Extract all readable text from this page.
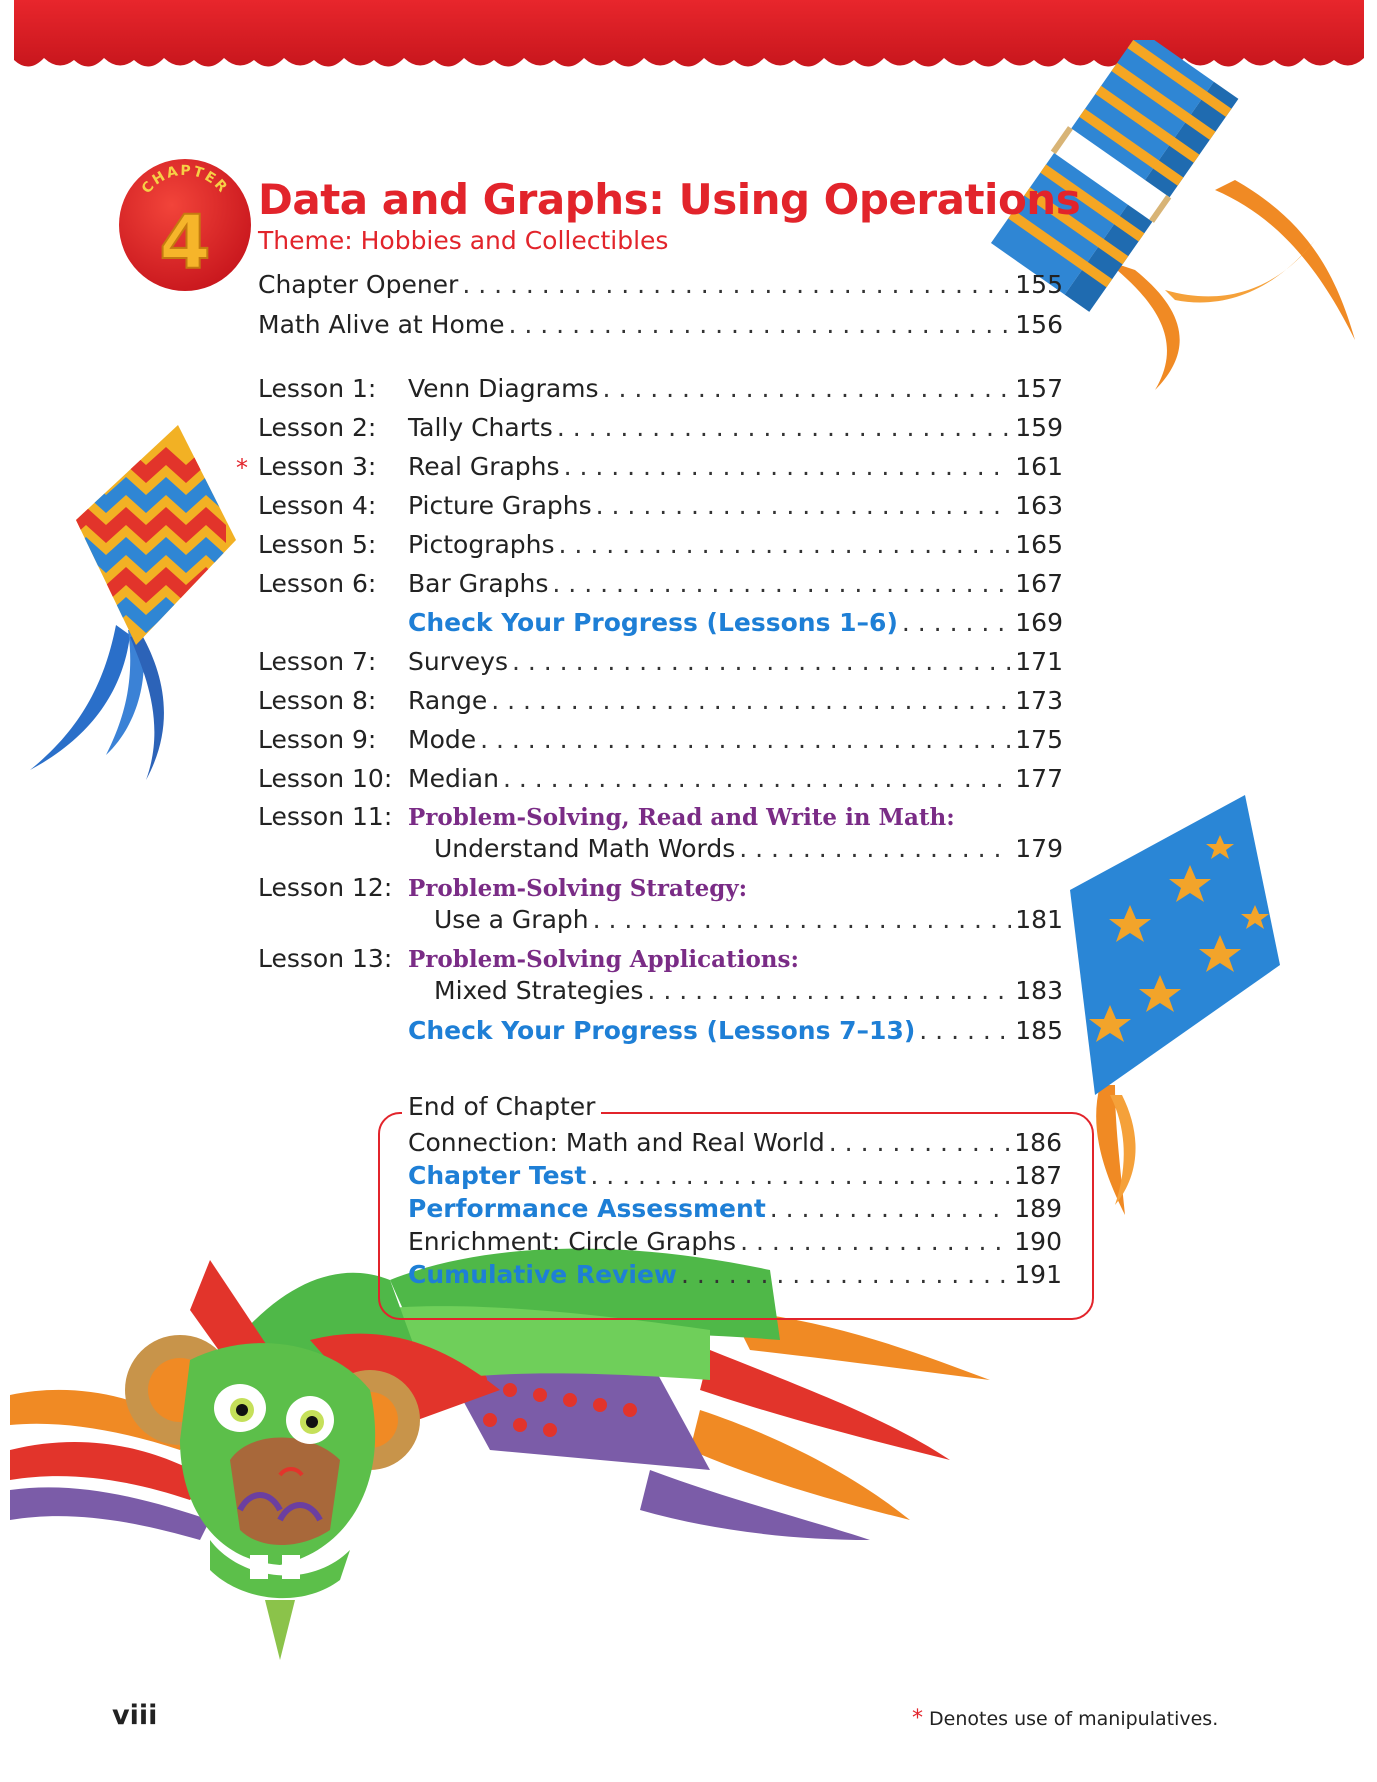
CHAPTER
4
Data and Graphs: Using Operations
Theme: Hobbies and Collectibles
Chapter Opener . . .	155
Math Alive at Home . . .	156
Lesson 1:	Venn Diagrams . . .	157
Lesson 2:	Tally Charts . . .	159
* Lesson 3:	Real Graphs . . .	161
Lesson 4:	Picture Graphs . . .	163
Lesson 5:	Pictographs . . .	165
Lesson 6:	Bar Graphs . . .	167
Check Your Progress (Lessons 1–6) . . .	169
Lesson 7:	Surveys . . .	171
Lesson 8:	Range . . .	173
Lesson 9:	Mode . . .	175
Lesson 10: Median . . .	177
Lesson 11: Problem-Solving, Read and Write in Math:
Understand Math Words . . .	179
Lesson 12: Problem-Solving Strategy:
Use a Graph . . .	181
Lesson 13: Problem-Solving Applications:
Mixed Strategies . . .	183
Check Your Progress (Lessons 7–13) . . .	185
End of Chapter
Connection: Math and Real World . . .	186
Chapter Test . . .	187
Performance Assessment . . .	189
Enrichment: Circle Graphs . . .	190
Cumulative Review . . .	191
viii	* Denotes use of manipulatives.
